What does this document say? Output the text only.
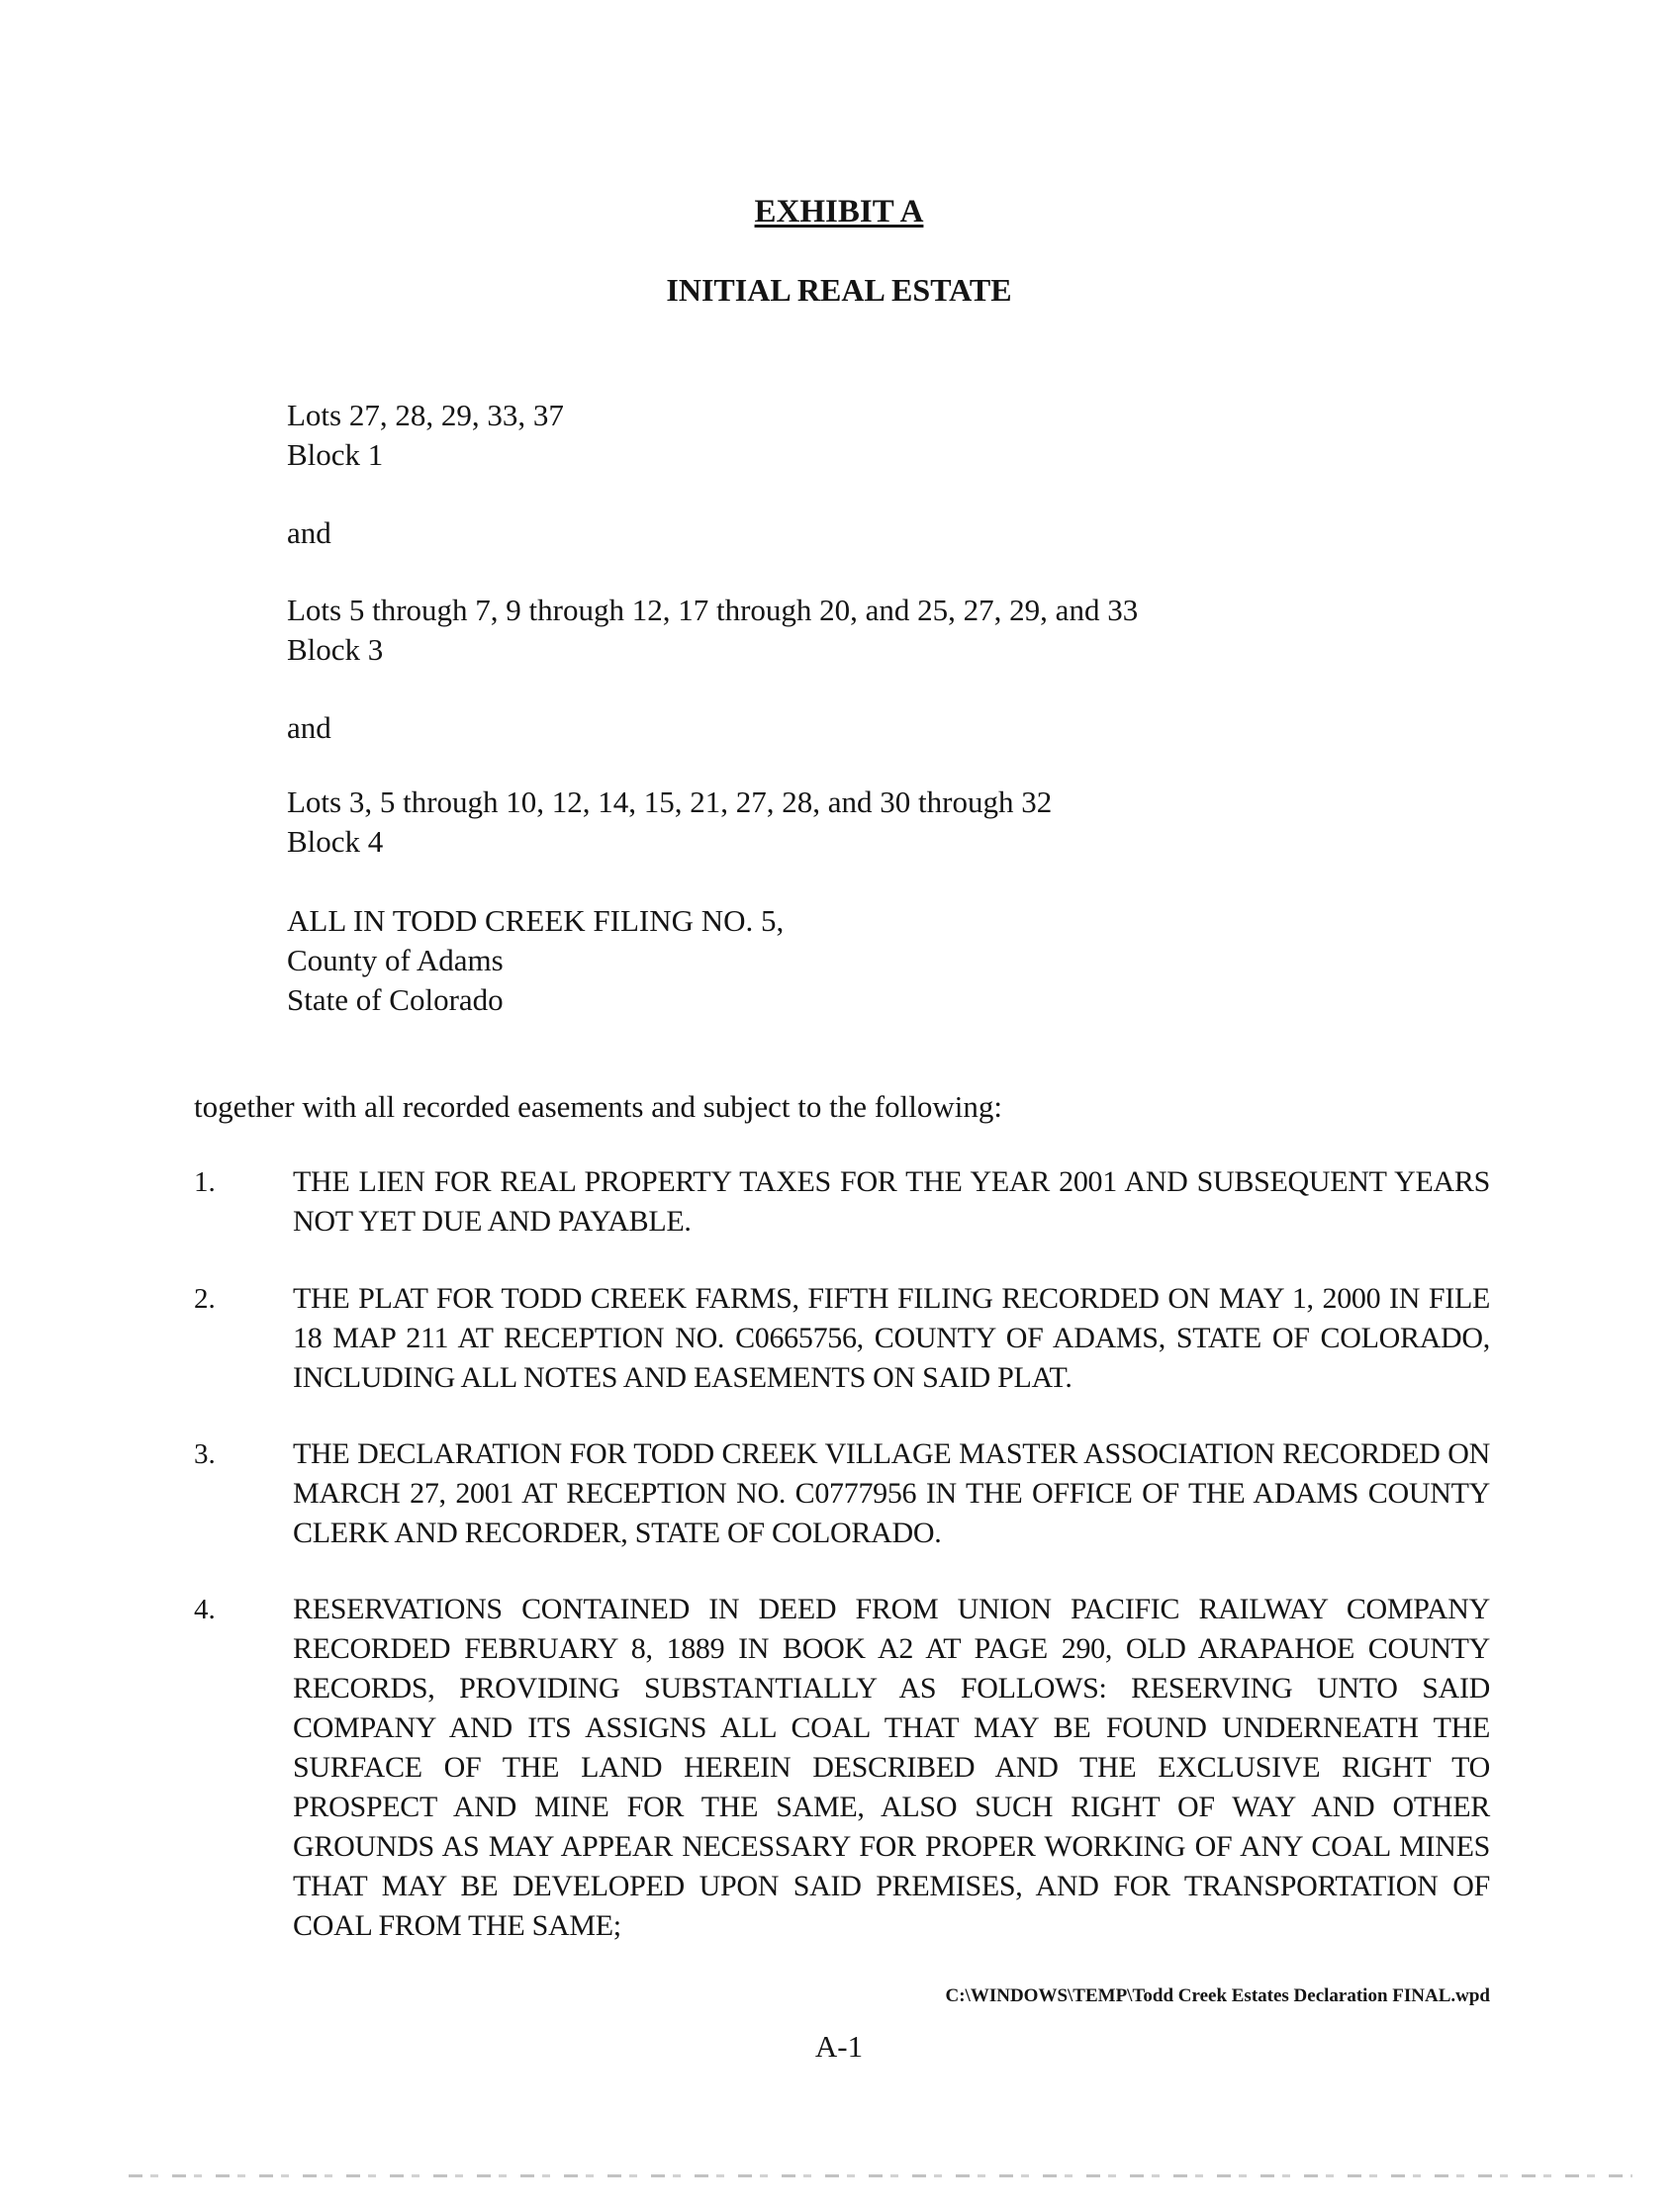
EXHIBIT A
INITIAL REAL ESTATE
Lots 27, 28, 29, 33, 37
Block 1
and
Lots 5 through 7, 9 through 12, 17 through 20, and 25, 27, 29, and 33
Block 3
and
Lots 3, 5 through 10, 12, 14, 15, 21, 27, 28, and 30 through 32
Block 4
ALL IN TODD CREEK FILING NO. 5,
County of Adams
State of Colorado
together with all recorded easements and subject to the following:
1.	THE LIEN FOR REAL PROPERTY TAXES FOR THE YEAR 2001 AND SUBSEQUENT YEARS NOT YET DUE AND PAYABLE.
2.	THE PLAT FOR TODD CREEK FARMS, FIFTH FILING RECORDED ON MAY 1, 2000 IN FILE 18 MAP 211 AT RECEPTION NO. C0665756, COUNTY OF ADAMS, STATE OF COLORADO, INCLUDING ALL NOTES AND EASEMENTS ON SAID PLAT.
3.	THE DECLARATION FOR TODD CREEK VILLAGE MASTER ASSOCIATION RECORDED ON MARCH 27, 2001 AT RECEPTION NO. C0777956 IN THE OFFICE OF THE ADAMS COUNTY CLERK AND RECORDER, STATE OF COLORADO.
4.	RESERVATIONS CONTAINED IN DEED FROM UNION PACIFIC RAILWAY COMPANY RECORDED FEBRUARY 8, 1889 IN BOOK A2 AT PAGE 290, OLD ARAPAHOE COUNTY RECORDS, PROVIDING SUBSTANTIALLY AS FOLLOWS: RESERVING UNTO SAID COMPANY AND ITS ASSIGNS ALL COAL THAT MAY BE FOUND UNDERNEATH THE SURFACE OF THE LAND HEREIN DESCRIBED AND THE EXCLUSIVE RIGHT TO PROSPECT AND MINE FOR THE SAME, ALSO SUCH RIGHT OF WAY AND OTHER GROUNDS AS MAY APPEAR NECESSARY FOR PROPER WORKING OF ANY COAL MINES THAT MAY BE DEVELOPED UPON SAID PREMISES, AND FOR TRANSPORTATION OF COAL FROM THE SAME;
C:\WINDOWS\TEMP\Todd Creek Estates Declaration FINAL.wpd
A-1
